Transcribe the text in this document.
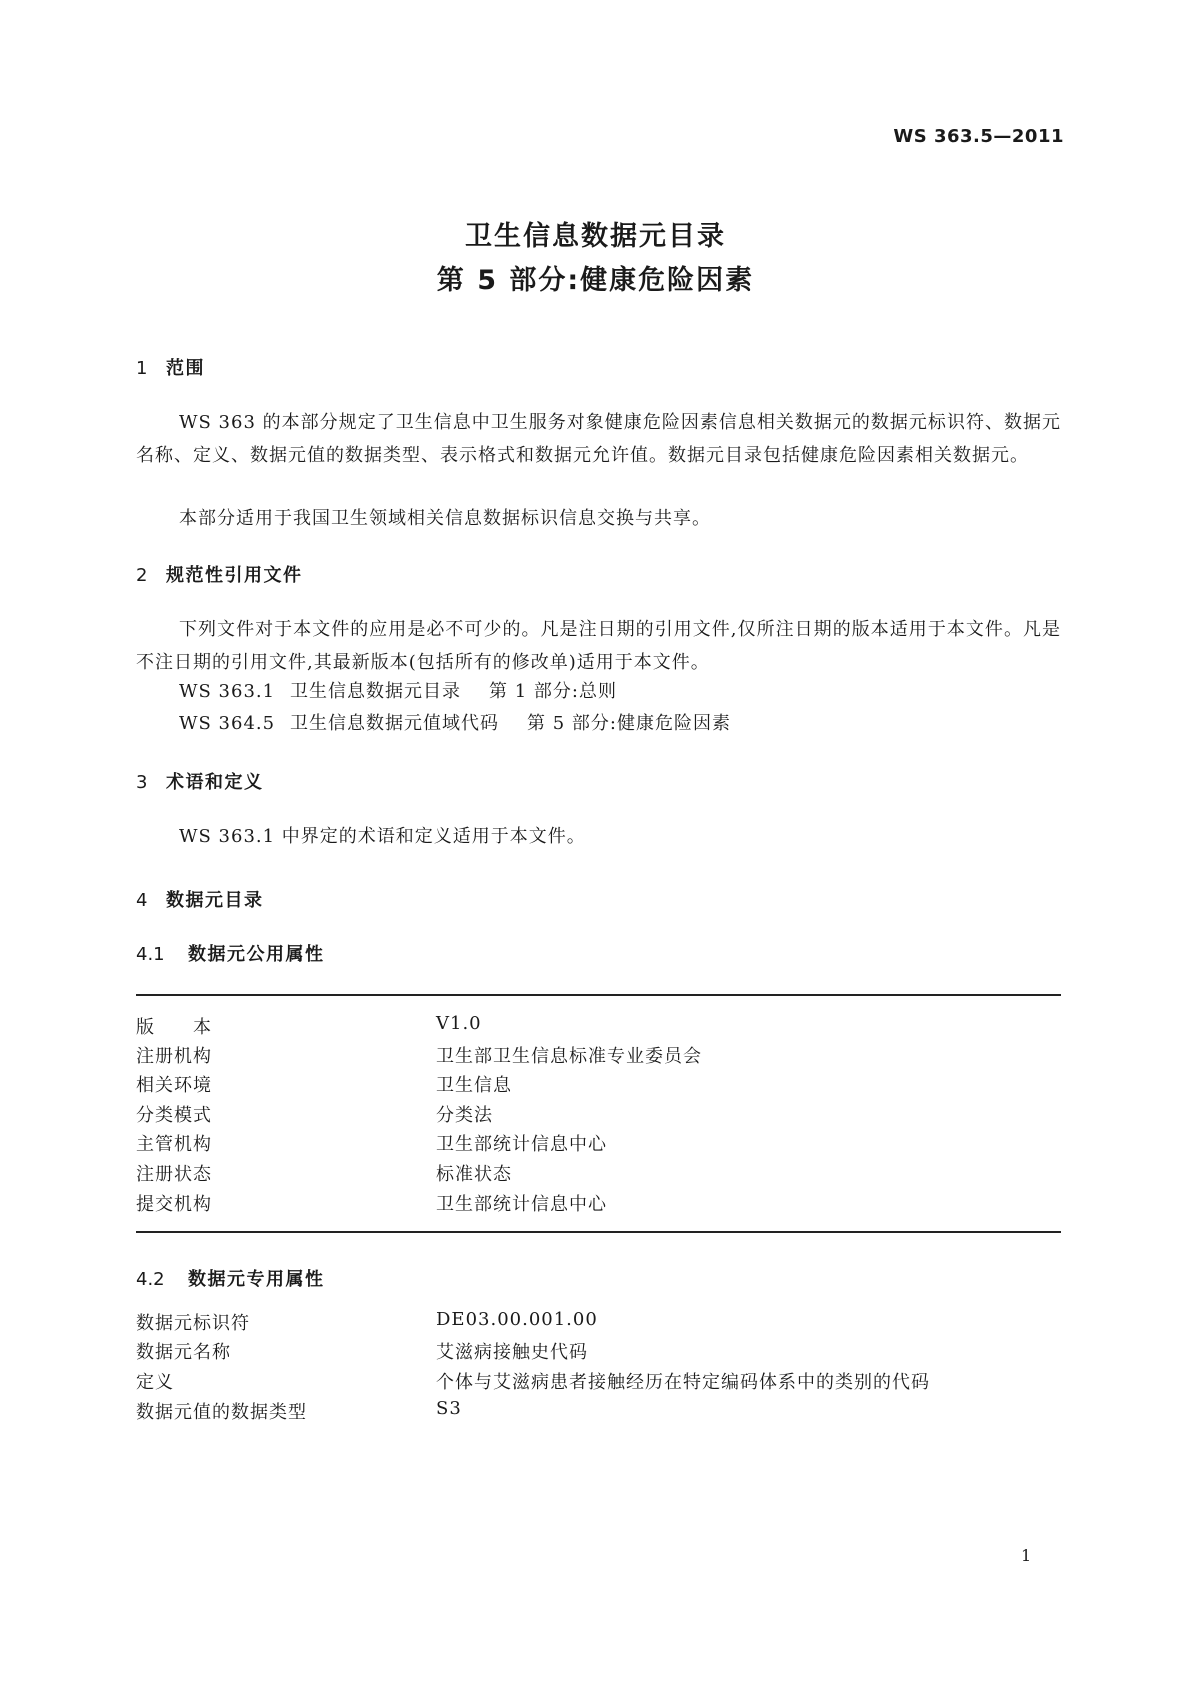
WS 363.5—2011
卫生信息数据元目录
第 5 部分:健康危险因素
1 范围
WS 363 的本部分规定了卫生信息中卫生服务对象健康危险因素信息相关数据元的数据元标识符、数据元名称、定义、数据元值的数据类型、表示格式和数据元允许值。数据元目录包括健康危险因素相关数据元。
本部分适用于我国卫生领域相关信息数据标识信息交换与共享。
2 规范性引用文件
下列文件对于本文件的应用是必不可少的。凡是注日期的引用文件,仅所注日期的版本适用于本文件。凡是不注日期的引用文件,其最新版本(包括所有的修改单)适用于本文件。
WS 363.1 卫生信息数据元目录 第 1 部分:总则
WS 364.5 卫生信息数据元值域代码 第 5 部分:健康危险因素
3 术语和定义
WS 363.1 中界定的术语和定义适用于本文件。
4 数据元目录
4.1 数据元公用属性
版　　本	V1.0
注册机构	卫生部卫生信息标准专业委员会
相关环境	卫生信息
分类模式	分类法
主管机构	卫生部统计信息中心
注册状态	标准状态
提交机构	卫生部统计信息中心
4.2 数据元专用属性
数据元标识符	DE03.00.001.00
数据元名称	艾滋病接触史代码
定义	个体与艾滋病患者接触经历在特定编码体系中的类别的代码
数据元值的数据类型	S3
1
